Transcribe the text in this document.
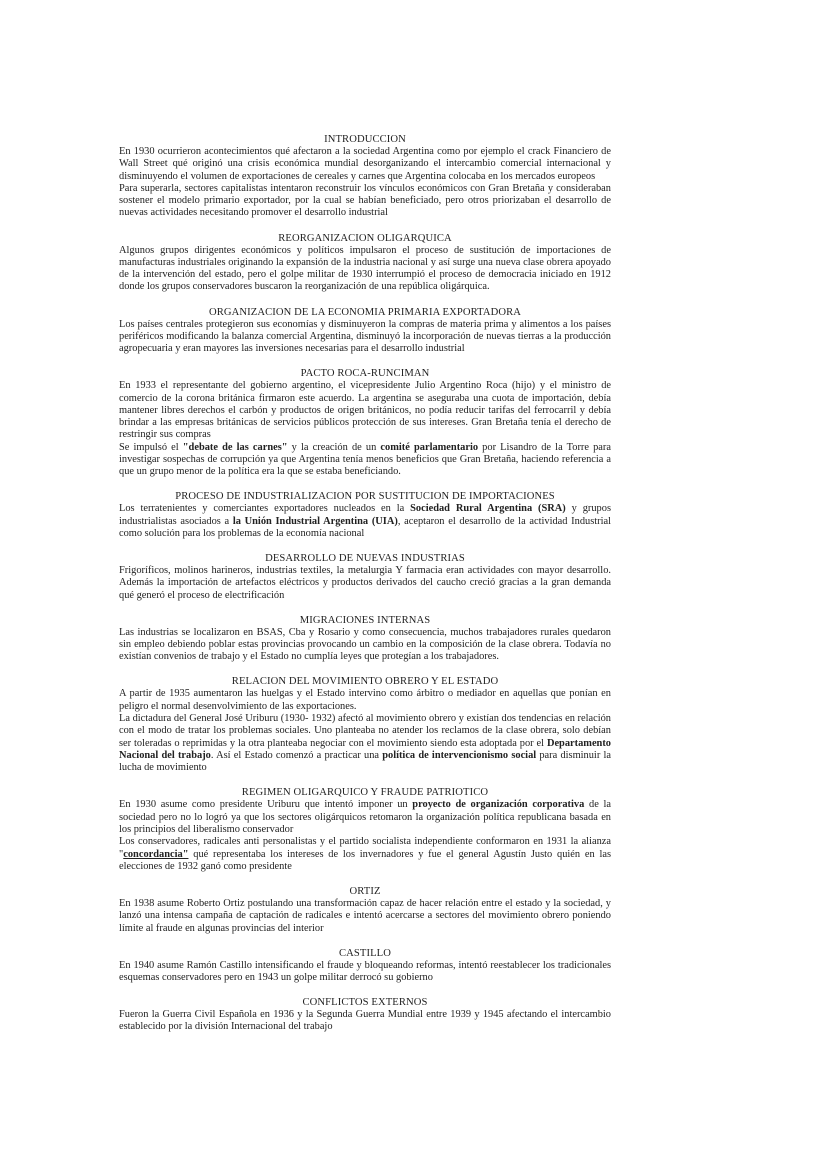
INTRODUCCION

En 1930 ocurrieron acontecimientos qué afectaron a la sociedad Argentina como por ejemplo el crack Financiero de Wall Street qué originó una crisis económica mundial desorganizando el intercambio comercial internacional y disminuyendo el volumen de exportaciones de cereales y carnes que Argentina colocaba en los mercados europeos

Para superarla, sectores capitalistas intentaron reconstruir los vínculos económicos con Gran Bretaña y consideraban sostener el modelo primario exportador, por la cual se habían beneficiado, pero otros priorizaban el desarrollo de nuevas actividades necesitando promover el desarrollo industrial

REORGANIZACION OLIGARQUICA

Algunos grupos dirigentes económicos y políticos impulsaron el proceso de sustitución de importaciones de manufacturas industriales originando la expansión de la industria nacional y así surge una nueva clase obrera apoyado de la intervención del estado, pero el golpe militar de 1930 interrumpió el proceso de democracia iniciado en 1912 donde los grupos conservadores buscaron la reorganización de una república oligárquica.

ORGANIZACION DE LA ECONOMIA PRIMARIA EXPORTADORA

Los países centrales protegieron sus economías y disminuyeron la compras de materia prima y alimentos a los países periféricos modificando la balanza comercial Argentina, disminuyó la incorporación de nuevas tierras a la producción agropecuaria y eran mayores las inversiones necesarias para el desarrollo industrial

PACTO ROCA-RUNCIMAN

En 1933 el representante del gobierno argentino, el vicepresidente Julio Argentino Roca (hijo) y el ministro de comercio de la corona británica firmaron este acuerdo. La argentina se aseguraba una cuota de importación, debía mantener libres derechos el carbón y productos de origen británicos, no podía reducir tarifas del ferrocarril y debía brindar a las empresas británicas de servicios públicos protección de sus intereses. Gran Bretaña tenía el derecho de restringir sus compras

Se impulsó el "debate de las carnes" y la creación de un comité parlamentario por Lisandro de la Torre para investigar sospechas de corrupción ya que Argentina tenía menos beneficios que Gran Bretaña, haciendo referencia a que un grupo menor de la política era la que se estaba beneficiando.

PROCESO DE INDUSTRIALIZACION POR SUSTITUCION DE IMPORTACIONES

Los terratenientes y comerciantes exportadores nucleados en la Sociedad Rural Argentina (SRA) y grupos industrialistas asociados a la Unión Industrial Argentina (UIA), aceptaron el desarrollo de la actividad Industrial como solución para los problemas de la economía nacional

DESARROLLO DE NUEVAS INDUSTRIAS

Frigoríficos, molinos harineros, industrias textiles, la metalurgia Y farmacia eran actividades con mayor desarrollo. Además la importación de artefactos eléctricos y productos derivados del caucho creció gracias a la gran demanda qué generó el proceso de electrificación

MIGRACIONES INTERNAS

Las industrias se localizaron en BSAS, Cba y Rosario y como consecuencia, muchos trabajadores rurales quedaron sin empleo debiendo poblar estas provincias provocando un cambio en la composición de la clase obrera. Todavía no existían convenios de trabajo y el Estado no cumplía leyes que protegían a los trabajadores.

RELACION DEL MOVIMIENTO OBRERO Y EL ESTADO

A partir de 1935 aumentaron las huelgas y el Estado intervino como árbitro o mediador en aquellas que ponían en peligro el normal desenvolvimiento de las exportaciones.

La dictadura del General José Uriburu (1930- 1932) afectó al movimiento obrero y existían dos tendencias en relación con el modo de tratar los problemas sociales. Uno planteaba no atender los reclamos de la clase obrera, solo debían ser toleradas o reprimidas y la otra planteaba negociar con el movimiento siendo esta adoptada por el Departamento Nacional del trabajo. Así el Estado comenzó a practicar una política de intervencionismo social para disminuir la lucha de movimiento

REGIMEN OLIGARQUICO Y FRAUDE PATRIOTICO

En 1930 asume como presidente Uriburu que intentó imponer un proyecto de organización corporativa de la sociedad pero no lo logró ya que los sectores oligárquicos retomaron la organización política republicana basada en los principios del liberalismo conservador

Los conservadores, radicales anti personalistas y el partido socialista independiente conformaron en 1931 la alianza "concordancia" qué representaba los intereses de los invernadores y fue el general Agustín Justo quién en las elecciones de 1932 ganó como presidente

ORTIZ

En 1938 asume Roberto Ortiz postulando una transformación capaz de hacer relación entre el estado y la sociedad, y lanzó una intensa campaña de captación de radicales e intentó acercarse a sectores del movimiento obrero poniendo límite al fraude en algunas provincias del interior

CASTILLO

En 1940 asume Ramón Castillo intensificando el fraude y bloqueando reformas, intentó reestablecer los tradicionales esquemas conservadores pero en 1943 un golpe militar derrocó su gobierno

CONFLICTOS EXTERNOS

Fueron la Guerra Civil Española en 1936 y la Segunda Guerra Mundial entre 1939 y 1945 afectando el intercambio establecido por la división Internacional del trabajo
